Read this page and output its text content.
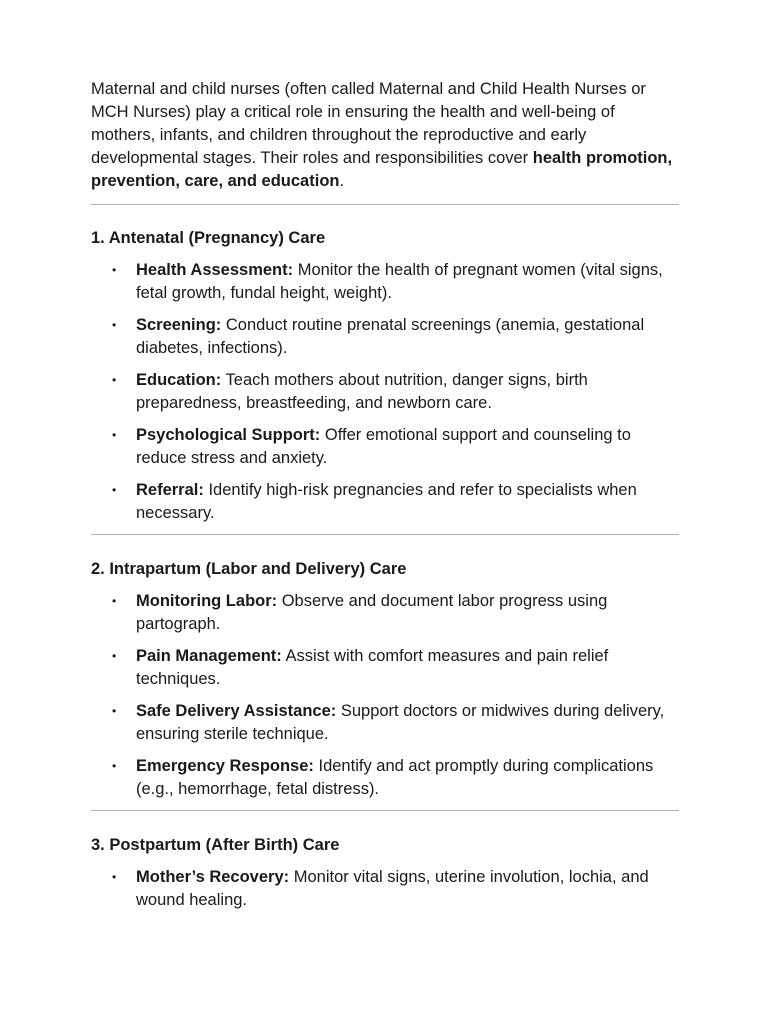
Maternal and child nurses (often called Maternal and Child Health Nurses or MCH Nurses) play a critical role in ensuring the health and well-being of mothers, infants, and children throughout the reproductive and early developmental stages. Their roles and responsibilities cover health promotion, prevention, care, and education.

1. Antenatal (Pregnancy) Care
• Health Assessment: Monitor the health of pregnant women (vital signs, fetal growth, fundal height, weight).
• Screening: Conduct routine prenatal screenings (anemia, gestational diabetes, infections).
• Education: Teach mothers about nutrition, danger signs, birth preparedness, breastfeeding, and newborn care.
• Psychological Support: Offer emotional support and counseling to reduce stress and anxiety.
• Referral: Identify high-risk pregnancies and refer to specialists when necessary.
2. Intrapartum (Labor and Delivery) Care
• Monitoring Labor: Observe and document labor progress using partograph.
• Pain Management: Assist with comfort measures and pain relief techniques.
• Safe Delivery Assistance: Support doctors or midwives during delivery, ensuring sterile technique.
• Emergency Response: Identify and act promptly during complications (e.g., hemorrhage, fetal distress).
3. Postpartum (After Birth) Care
• Mother’s Recovery: Monitor vital signs, uterine involution, lochia, and wound healing.
